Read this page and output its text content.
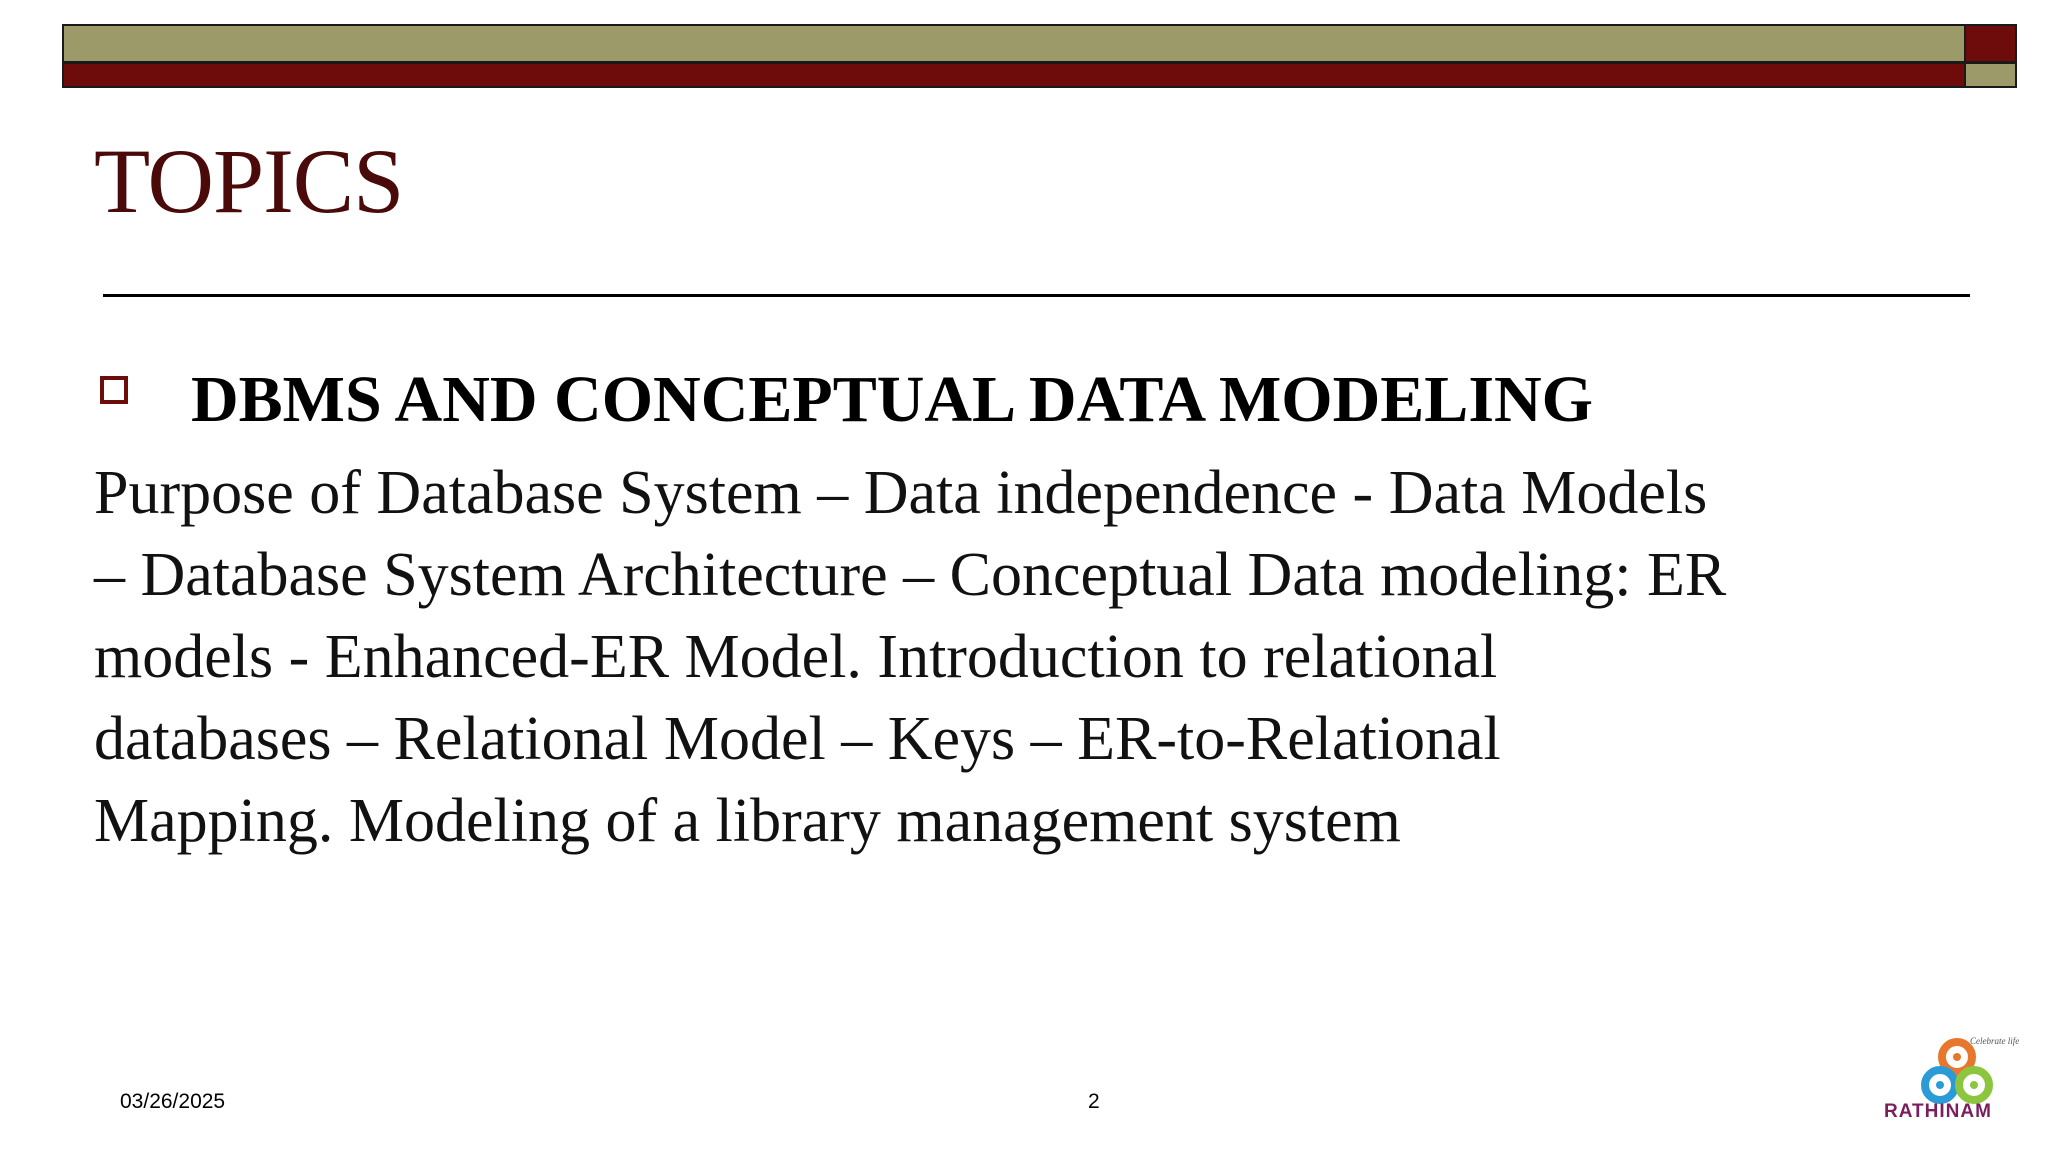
TOPICS
DBMS AND CONCEPTUAL DATA MODELING
Purpose of Database System – Data independence - Data Models
– Database System Architecture – Conceptual Data modeling: ER
models - Enhanced-ER Model. Introduction to relational
databases – Relational Model – Keys – ER-to-Relational
Mapping. Modeling of a library management system
03/26/2025	2
Celebrate life
RATHINAM
